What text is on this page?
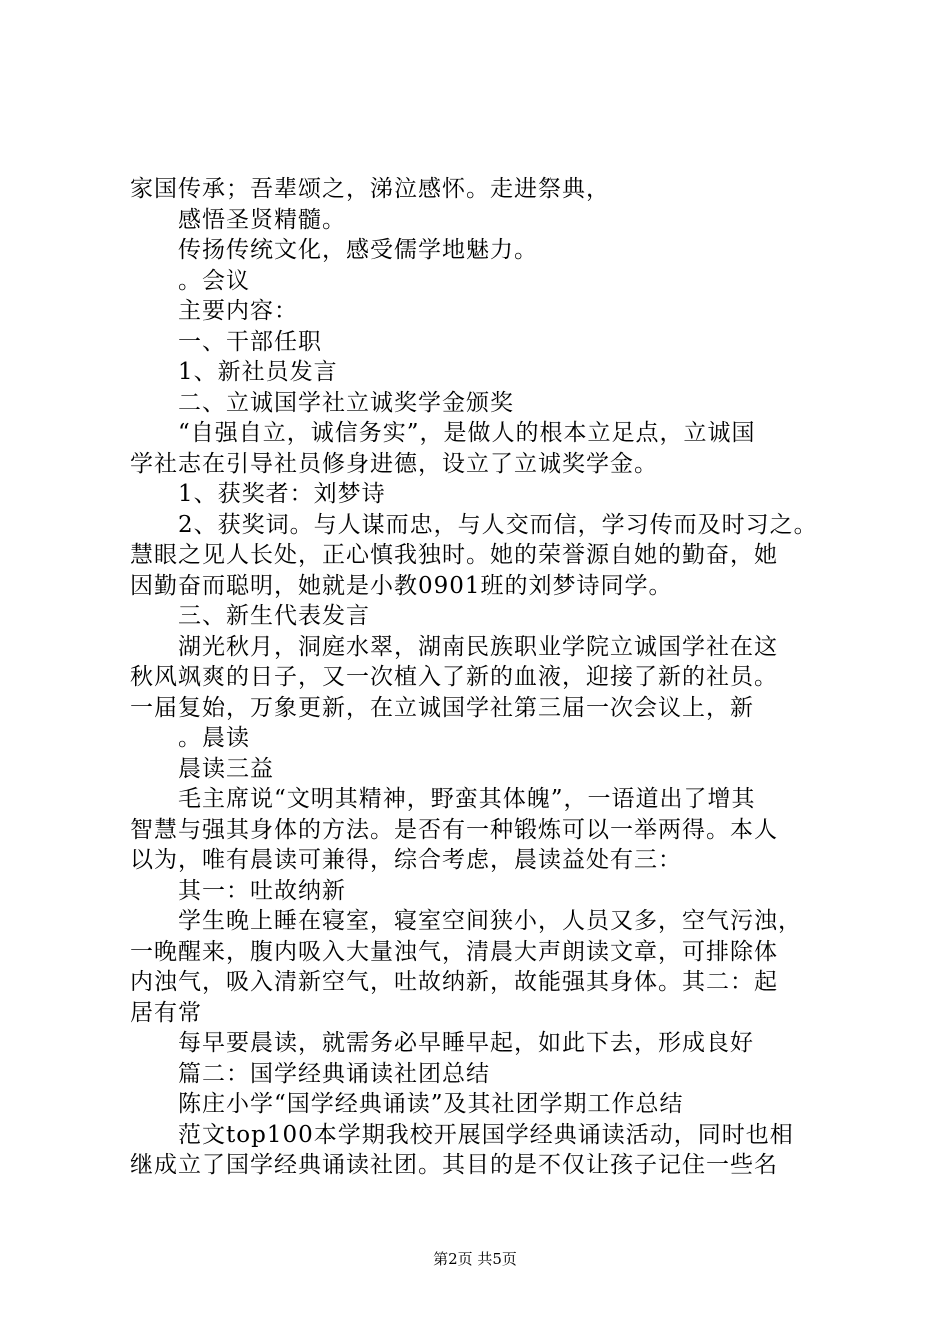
家国传承；吾辈颂之，涕泣感怀。走进祭典，
感悟圣贤精髓。
传扬传统文化，感受儒学地魅力。
。会议
主要内容：
一、干部任职
1、新社员发言
二、立诚国学社立诚奖学金颁奖
“自强自立，诚信务实”，是做人的根本立足点，立诚国
学社志在引导社员修身进德，设立了立诚奖学金。
1、获奖者：刘梦诗
2、获奖词。与人谋而忠，与人交而信，学习传而及时习之。
慧眼之见人长处，正心慎我独时。她的荣誉源自她的勤奋，她
因勤奋而聪明，她就是小教0901班的刘梦诗同学。
三、新生代表发言
湖光秋月，洞庭水翠，湖南民族职业学院立诚国学社在这
秋风飒爽的日子，又一次植入了新的血液，迎接了新的社员。
一届复始，万象更新，在立诚国学社第三届一次会议上，新
。晨读
晨读三益
毛主席说“文明其精神，野蛮其体魄”，一语道出了增其
智慧与强其身体的方法。是否有一种锻炼可以一举两得。本人
以为，唯有晨读可兼得，综合考虑，晨读益处有三：
其一：吐故纳新
学生晚上睡在寝室，寝室空间狭小，人员又多，空气污浊，
一晚醒来，腹内吸入大量浊气，清晨大声朗读文章，可排除体
内浊气，吸入清新空气，吐故纳新，故能强其身体。其二：起
居有常
每早要晨读，就需务必早睡早起，如此下去，形成良好
篇二：国学经典诵读社团总结
陈庄小学“国学经典诵读”及其社团学期工作总结
范文top100本学期我校开展国学经典诵读活动，同时也相
继成立了国学经典诵读社团。其目的是不仅让孩子记住一些名
第2页 共5页
